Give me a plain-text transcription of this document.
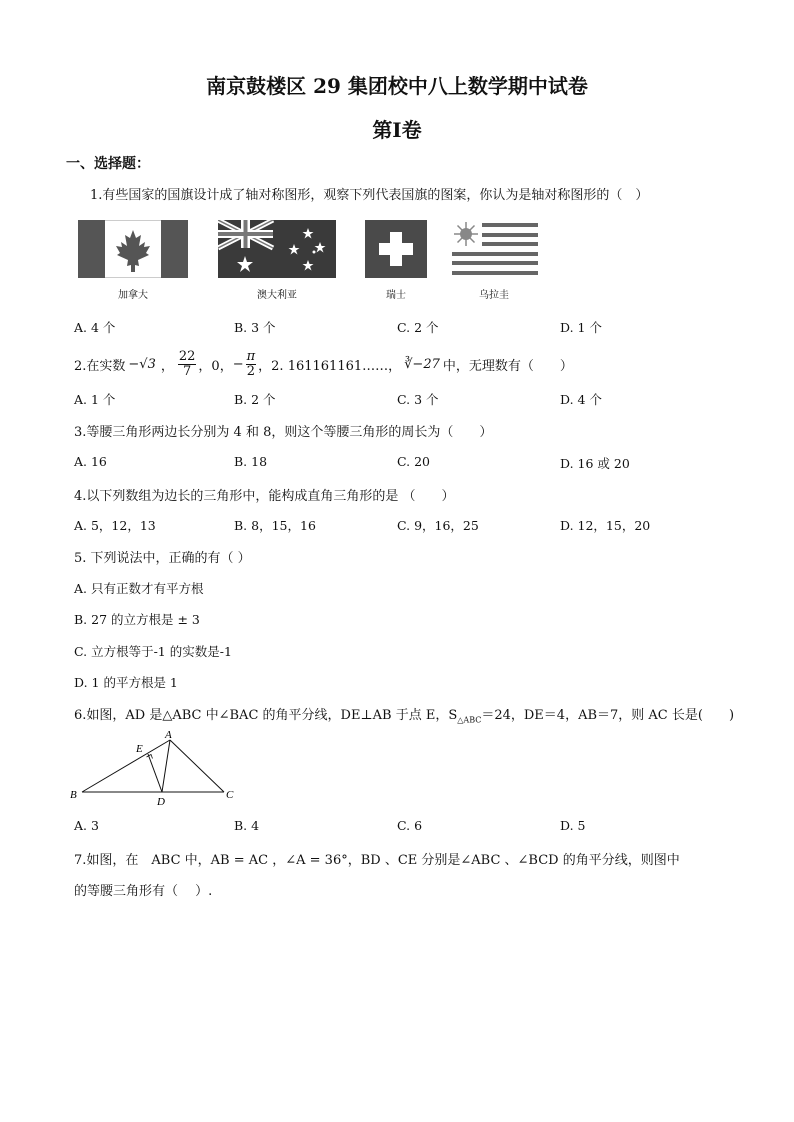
南京鼓楼区 29 集团校中八上数学期中试卷
第Ⅰ卷
一、选择题：
1.有些国家的国旗设计成了轴对称图形，观察下列代表国旗的图案，你认为是轴对称图形的（　）
加拿大	澳大利亚	瑞士	乌拉圭
A. 4 个	B. 3 个	C. 2 个	D. 1 个
2.在实数 −√3 ， $\frac{22}{7}$ ，0， − $\frac{\pi}{2}$ ，2. 161161161……， ∛−27 中，无理数有（　　）
A. 1 个	B. 2 个	C. 3 个	D. 4 个
3.等腰三角形两边长分别为 4 和 8，则这个等腰三角形的周长为（　　）
A. 16	B. 18	C. 20	D. 16 或 20
4.以下列数组为边长的三角形中，能构成直角三角形的是 （　　）
A. 5，12，13	B. 8，15，16	C. 9，16，25	D. 12，15，20
5. 下列说法中，正确的有（ ）
A. 只有正数才有平方根
B. 27 的立方根是 ± 3
C. 立方根等于-1 的实数是-1
D. 1 的平方根是 1
6.如图，AD 是△ABC 中∠BAC 的角平分线，DE⊥AB 于点 E，$S_{\triangle ABC}=24$，DE＝4，AB＝7，则 AC 长是(　　)
A
E
B
D
C
A. 3	B. 4	C. 6	D. 5
7.如图，在　ABC 中，AB = AC ，∠A = 36°，BD 、CE 分别是∠ABC 、∠BCD 的角平分线，则图中
的等腰三角形有（　 ）.
